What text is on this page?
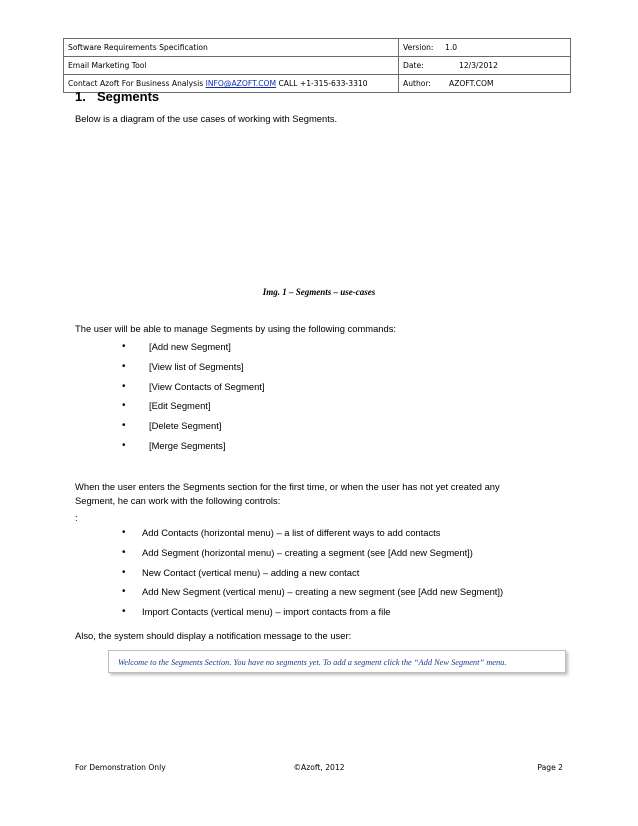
Software Requirements Specification	Version: 1.0
Email Marketing Tool	Date: 12/3/2012
Contact Azoft For Business Analysis INFO@AZOFT.COM CALL +1-315-633-3310	Author: AZOFT.COM
1. Segments
Below is a diagram of the use cases of working with Segments.
Img. 1 – Segments – use-cases
The user will be able to manage Segments by using the following commands:
• [Add new Segment]
• [View list of Segments]
• [View Contacts of Segment]
• [Edit Segment]
• [Delete Segment]
• [Merge Segments]
When the user enters the Segments section for the first time, or when the user has not yet created any
Segment, he can work with the following controls:
:
• Add Contacts (horizontal menu) – a list of different ways to add contacts
• Add Segment (horizontal menu) – creating a segment (see [Add new Segment])
• New Contact (vertical menu) – adding a new contact
• Add New Segment (vertical menu) – creating a new segment (see [Add new Segment])
• Import Contacts (vertical menu) – import contacts from a file
Also, the system should display a notification message to the user:
Welcome to the Segments Section. You have no segments yet. To add a segment click the “Add New Segment” menu.
For Demonstration Only	©Azoft, 2012	Page 2
